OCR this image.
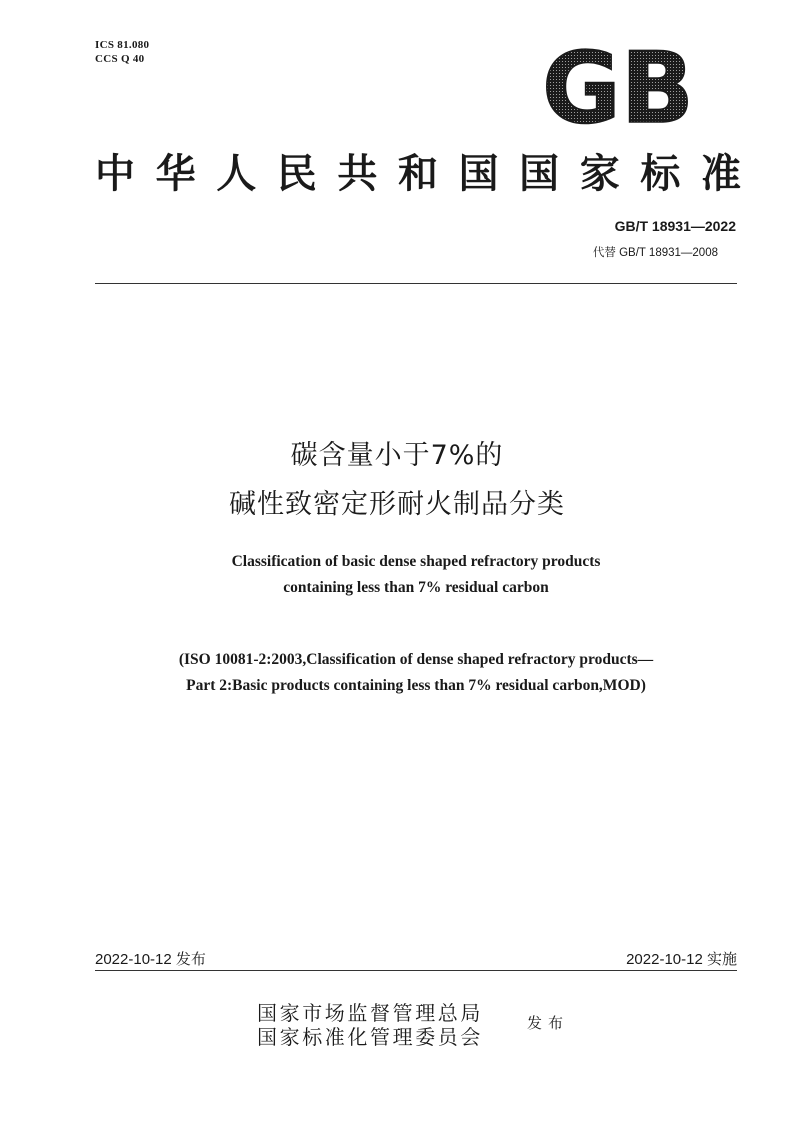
ICS 81.080
CCS Q 40	GB
中 华 人 民 共 和 国 国 家 标 准
GB/T 18931—2022
代替 GB/T 18931—2008
碳含量小于7%的
碱性致密定形耐火制品分类
Classification of basic dense shaped refractory products
containing less than 7% residual carbon
(ISO 10081-2:2003,Classification of dense shaped refractory products—
Part 2:Basic products containing less than 7% residual carbon,MOD)
2022-10-12 发布	2022-10-12 实施
国家市场监督管理总局
国家标准化管理委员会
发布
